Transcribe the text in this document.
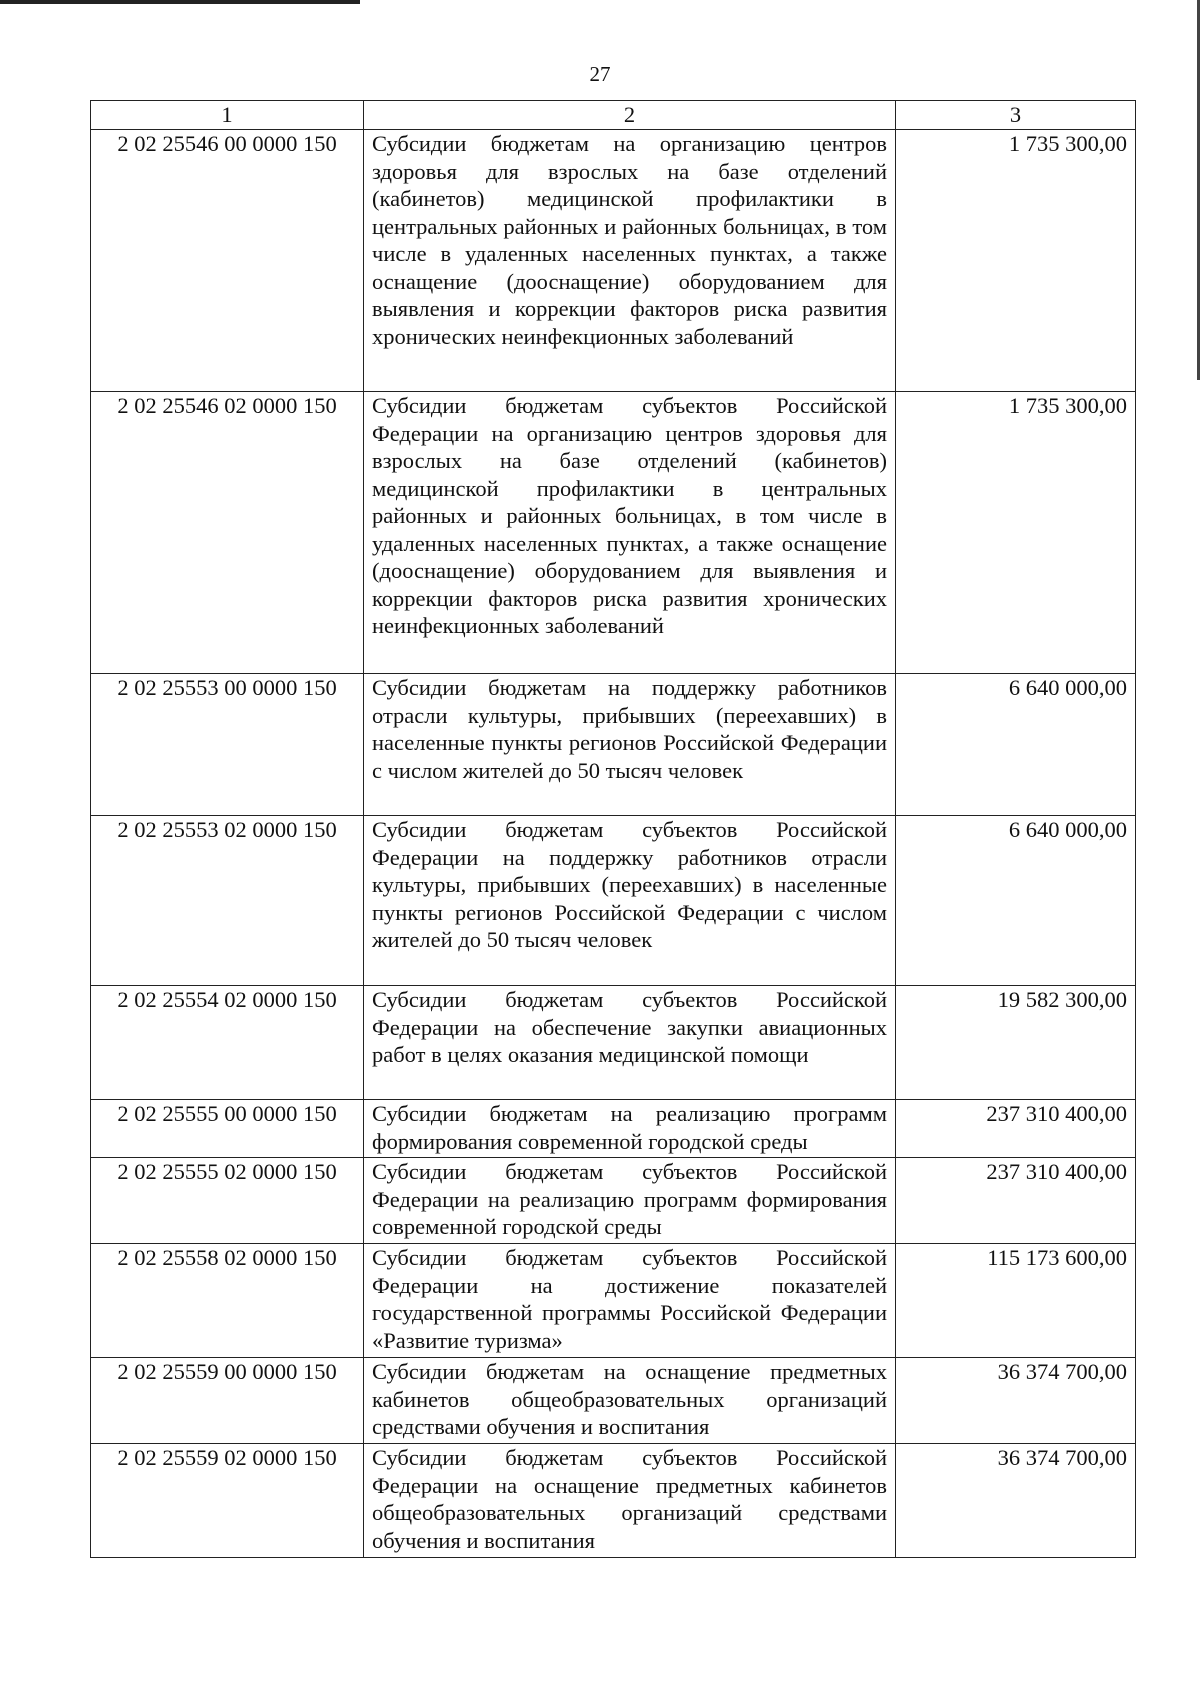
27
1	2	3
2 02 25546 00 0000 150	Субсидии бюджетам на организацию центров здоровья для взрослых на базе отделений (кабинетов) медицинской профилактики в центральных районных и районных больницах, в том числе в удаленных населенных пунктах, а также оснащение (дооснащение) оборудованием для выявления и коррекции факторов риска развития хронических неинфекционных заболеваний	1 735 300,00
2 02 25546 02 0000 150	Субсидии бюджетам субъектов Российской Федерации на организацию центров здоровья для взрослых на базе отделений (кабинетов) медицинской профилактики в центральных районных и районных больницах, в том числе в удаленных населенных пунктах, а также оснащение (дооснащение) оборудованием для выявления и коррекции факторов риска развития хронических неинфекционных заболеваний	1 735 300,00
2 02 25553 00 0000 150	Субсидии бюджетам на поддержку работников отрасли культуры, прибывших (переехавших) в населенные пункты регионов Российской Федерации с числом жителей до 50 тысяч человек	6 640 000,00
2 02 25553 02 0000 150	Субсидии бюджетам субъектов Российской Федерации на поддержку работников отрасли культуры, прибывших (переехавших) в населенные пункты регионов Российской Федерации с числом жителей до 50 тысяч человек	6 640 000,00
2 02 25554 02 0000 150	Субсидии бюджетам субъектов Российской Федерации на обеспечение закупки авиационных работ в целях оказания медицинской помощи	19 582 300,00
2 02 25555 00 0000 150	Субсидии бюджетам на реализацию программ формирования современной городской среды	237 310 400,00
2 02 25555 02 0000 150	Субсидии бюджетам субъектов Российской Федерации на реализацию программ формирования современной городской среды	237 310 400,00
2 02 25558 02 0000 150	Субсидии бюджетам субъектов Российской Федерации на достижение показателей государственной программы Российской Федерации «Развитие туризма»	115 173 600,00
2 02 25559 00 0000 150	Субсидии бюджетам на оснащение предметных кабинетов общеобразовательных организаций средствами обучения и воспитания	36 374 700,00
2 02 25559 02 0000 150	Субсидии бюджетам субъектов Российской Федерации на оснащение предметных кабинетов общеобразовательных организаций средствами обучения и воспитания	36 374 700,00
